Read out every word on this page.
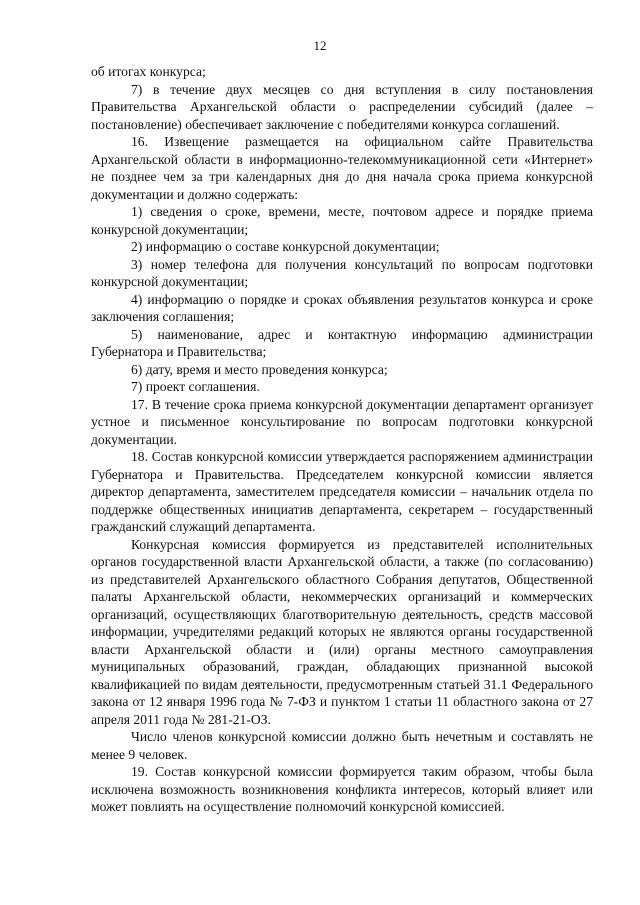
12

об итогах конкурса;

7) в течение двух месяцев со дня вступления в силу постановления Правительства Архангельской области о распределении субсидий (далее – постановление) обеспечивает заключение с победителями конкурса соглашений.

16. Извещение размещается на официальном сайте Правительства Архангельской области в информационно-телекоммуникационной сети «Интернет» не позднее чем за три календарных дня до дня начала срока приема конкурсной документации и должно содержать:

1) сведения о сроке, времени, месте, почтовом адресе и порядке приема конкурсной документации;

2) информацию о составе конкурсной документации;

3) номер телефона для получения консультаций по вопросам подготовки конкурсной документации;

4) информацию о порядке и сроках объявления результатов конкурса и сроке заключения соглашения;

5) наименование, адрес и контактную информацию администрации Губернатора и Правительства;

6) дату, время и место проведения конкурса;

7) проект соглашения.

17. В течение срока приема конкурсной документации департамент организует устное и письменное консультирование по вопросам подготовки конкурсной документации.

18. Состав конкурсной комиссии утверждается распоряжением администрации Губернатора и Правительства. Председателем конкурсной комиссии является директор департамента, заместителем председателя комиссии – начальник отдела по поддержке общественных инициатив департамента, секретарем – государственный гражданский служащий департамента.

Конкурсная комиссия формируется из представителей исполнительных органов государственной власти Архангельской области, а также (по согласованию) из представителей Архангельского областного Собрания депутатов, Общественной палаты Архангельской области, некоммерческих организаций и коммерческих организаций, осуществляющих благотворительную деятельность, средств массовой информации, учредителями редакций которых не являются органы государственной власти Архангельской области и (или) органы местного самоуправления муниципальных образований, граждан, обладающих признанной высокой квалификацией по видам деятельности, предусмотренным статьей 31.1 Федерального закона от 12 января 1996 года № 7-ФЗ и пунктом 1 статьи 11 областного закона от 27 апреля 2011 года № 281-21-ОЗ.

Число членов конкурсной комиссии должно быть нечетным и составлять не менее 9 человек.

19. Состав конкурсной комиссии формируется таким образом, чтобы была исключена возможность возникновения конфликта интересов, который влияет или может повлиять на осуществление полномочий конкурсной комиссией.
